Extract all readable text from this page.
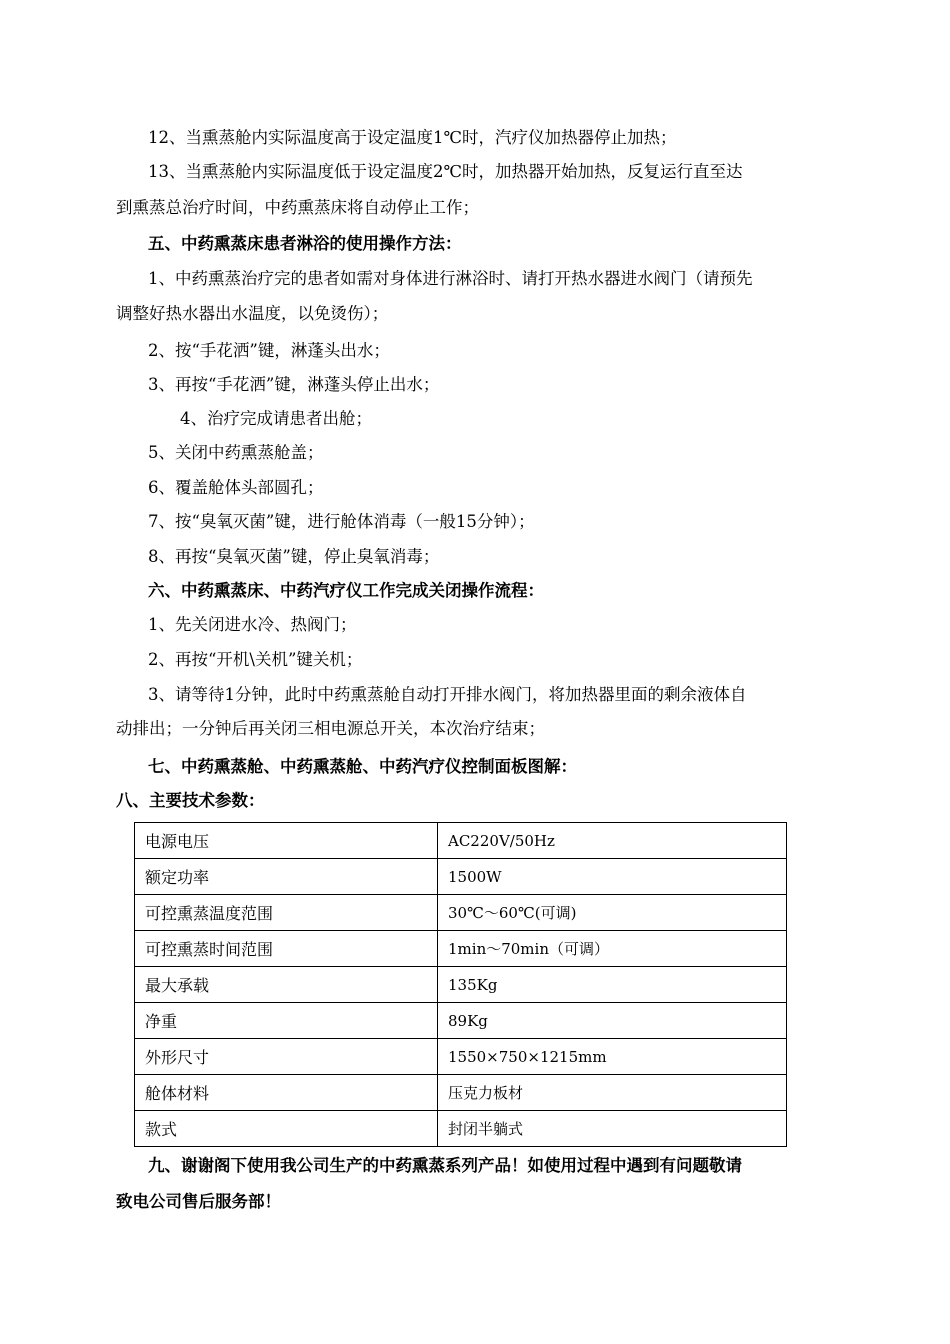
12、当熏蒸舱内实际温度高于设定温度1℃时，汽疗仪加热器停止加热；
13、当熏蒸舱内实际温度低于设定温度2℃时，加热器开始加热，反复运行直至达
到熏蒸总治疗时间，中药熏蒸床将自动停止工作；
五、中药熏蒸床患者淋浴的使用操作方法：
1、中药熏蒸治疗完的患者如需对身体进行淋浴时、请打开热水器进水阀门（请预先
调整好热水器出水温度，以免烫伤）；
2、按“手花洒”键，淋蓬头出水；
3、再按“手花洒”键，淋蓬头停止出水；
4、治疗完成请患者出舱；
5、关闭中药熏蒸舱盖；
6、覆盖舱体头部圆孔；
7、按“臭氧灭菌”键，进行舱体消毒（一般15分钟）；
8、再按“臭氧灭菌”键，停止臭氧消毒；
六、中药熏蒸床、中药汽疗仪工作完成关闭操作流程：
1、先关闭进水冷、热阀门；
2、再按“开机\关机”键关机；
3、请等待1分钟，此时中药熏蒸舱自动打开排水阀门，将加热器里面的剩余液体自
动排出；一分钟后再关闭三相电源总开关，本次治疗结束；
七、中药熏蒸舱、中药熏蒸舱、中药汽疗仪控制面板图解：
八、主要技术参数：
电源电压	AC220V/50Hz
额定功率	1500W
可控熏蒸温度范围	30℃～60℃(可调)
可控熏蒸时间范围	1min～70min（可调）
最大承载	135Kg
净重	89Kg
外形尺寸	1550×750×1215mm
舱体材料	压克力板材
款式	封闭半躺式
九、谢谢阁下使用我公司生产的中药熏蒸系列产品！如使用过程中遇到有问题敬请
致电公司售后服务部！
